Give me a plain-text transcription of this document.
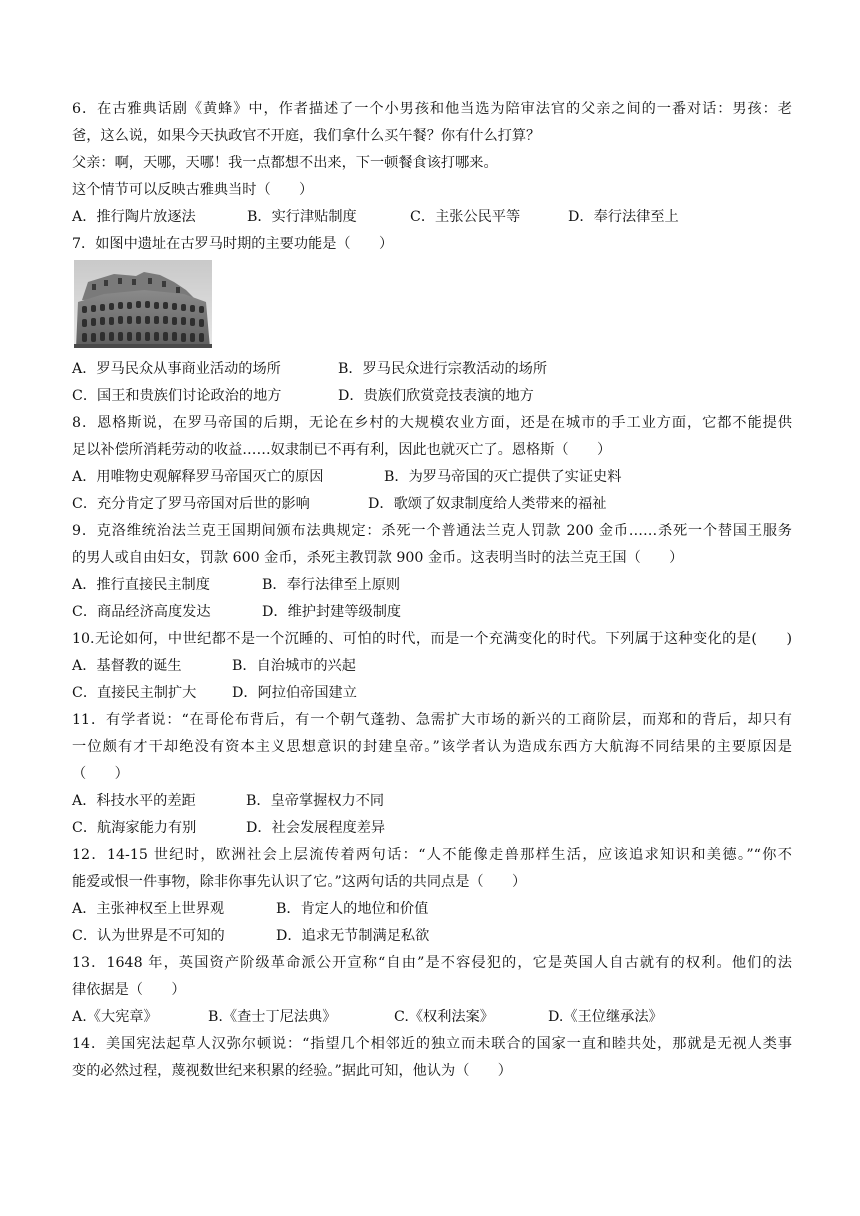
6．在古雅典话剧《黄蜂》中，作者描述了一个小男孩和他当选为陪审法官的父亲之间的一番对话：男孩：老
爸，这么说，如果今天执政官不开庭，我们拿什么买午餐？你有什么打算？
父亲：啊，天哪，天哪！我一点都想不出来，下一顿餐食该打哪来。
这个情节可以反映古雅典当时（　　）
A．推行陶片放逐法	B．实行津贴制度	C．主张公民平等	D．奉行法律至上
7．如图中遗址在古罗马时期的主要功能是（　　）
A．罗马民众从事商业活动的场所	B．罗马民众进行宗教活动的场所
C．国王和贵族们讨论政治的地方	D．贵族们欣赏竞技表演的地方
8．恩格斯说，在罗马帝国的后期，无论在乡村的大规模农业方面，还是在城市的手工业方面，它都不能提供
足以补偿所消耗劳动的收益……奴隶制已不再有利，因此也就灭亡了。恩格斯（　　）
A．用唯物史观解释罗马帝国灭亡的原因	B．为罗马帝国的灭亡提供了实证史料
C．充分肯定了罗马帝国对后世的影响	D．歌颂了奴隶制度给人类带来的福祉
9．克洛维统治法兰克王国期间颁布法典规定：杀死一个普通法兰克人罚款 200 金币……杀死一个替国王服务
的男人或自由妇女，罚款 600 金币，杀死主教罚款 900 金币。这表明当时的法兰克王国（　　）
A．推行直接民主制度	B．奉行法律至上原则
C．商品经济高度发达	D．维护封建等级制度
10.无论如何，中世纪都不是一个沉睡的、可怕的时代，而是一个充满变化的时代。下列属于这种变化的是(　　)
A．基督教的诞生	B．自治城市的兴起
C．直接民主制扩大	D．阿拉伯帝国建立
11．有学者说：“在哥伦布背后，有一个朝气蓬勃、急需扩大市场的新兴的工商阶层，而郑和的背后，却只有
一位颇有才干却绝没有资本主义思想意识的封建皇帝。”该学者认为造成东西方大航海不同结果的主要原因是
（　　）
A．科技水平的差距	B．皇帝掌握权力不同
C．航海家能力有别	D．社会发展程度差异
12．14-15 世纪时，欧洲社会上层流传着两句话：“人不能像走兽那样生活，应该追求知识和美德。”“你不
能爱或恨一件事物，除非你事先认识了它。”这两句话的共同点是（　　）
A．主张神权至上世界观	B．肯定人的地位和价值
C．认为世界是不可知的	D．追求无节制满足私欲
13．1648 年，英国资产阶级革命派公开宣称“自由”是不容侵犯的，它是英国人自古就有的权利。他们的法
律依据是（　　）
A.《大宪章》	B.《查士丁尼法典》	C.《权利法案》	D.《王位继承法》
14．美国宪法起草人汉弥尔顿说：“指望几个相邻近的独立而未联合的国家一直和睦共处，那就是无视人类事
变的必然过程，蔑视数世纪来积累的经验。”据此可知，他认为（　　）
